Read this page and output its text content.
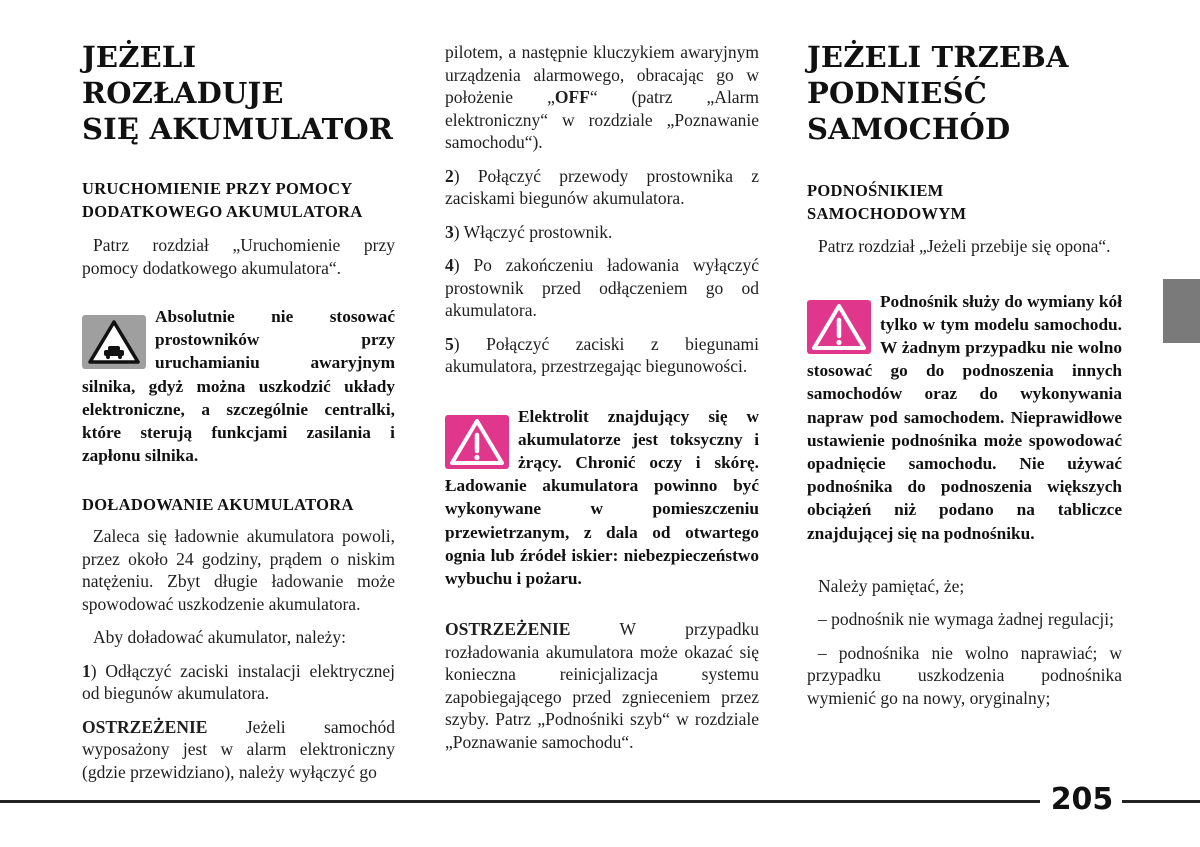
JEŻELI ROZŁADUJE
SIĘ AKUMULATOR
URUCHOMIENIE PRZY POMOCY
DODATKOWEGO AKUMULATORA

Patrz rozdział „Uruchomienie przy pomocy dodatkowego akumulatora“.

Absolutnie nie stosować prostowników przy uruchamianiu awaryjnym silnika, gdyż można uszkodzić układy elektroniczne, a szczególnie centralki, które sterują funkcjami zasilania i zapłonu silnika.

DOŁADOWANIE AKUMULATORA

Zaleca się ładownie akumulatora powoli, przez około 24 godziny, prądem o niskim natężeniu. Zbyt długie ładowanie może spowodować uszkodzenie akumulatora.

Aby doładować akumulator, należy:

1) Odłączyć zaciski instalacji elektrycznej od biegunów akumulatora.

OSTRZEŻENIE Jeżeli samochód wyposażony jest w alarm elektroniczny (gdzie przewidziano), należy wyłączyć go

pilotem, a następnie kluczykiem awaryjnym urządzenia alarmowego, obracając go w położenie „OFF“ (patrz „Alarm elektroniczny“ w rozdziale „Poznawanie samochodu“).

2) Połączyć przewody prostownika z zaciskami biegunów akumulatora.

3) Włączyć prostownik.

4) Po zakończeniu ładowania wyłączyć prostownik przed odłączeniem go od akumulatora.

5) Połączyć zaciski z biegunami akumulatora, przestrzegając biegunowości.

Elektrolit znajdujący się w akumulatorze jest toksyczny i żrący. Chronić oczy i skórę. Ładowanie akumulatora powinno być wykonywane w pomieszczeniu przewietrzanym, z dala od otwartego ognia lub źródeł iskier: niebezpieczeństwo wybuchu i pożaru.

OSTRZEŻENIE W przypadku rozładowania akumulatora może okazać się konieczna reinicjalizacja systemu zapobiegającego przed zgnieceniem przez szyby. Patrz „Podnośniki szyb“ w rozdziale „Poznawanie samochodu“.

JEŻELI TRZEBA
PODNIEŚĆ
SAMOCHÓD
PODNOŚNIKIEM
SAMOCHODOWYM

Patrz rozdział „Jeżeli przebije się opona“.

Podnośnik służy do wymiany kół tylko w tym modelu samochodu. W żadnym przypadku nie wolno stosować go do podnoszenia innych samochodów oraz do wykonywania napraw pod samochodem. Nieprawidłowe ustawienie podnośnika może spowodować opadnięcie samochodu. Nie używać podnośnika do podnoszenia większych obciążeń niż podano na tabliczce znajdującej się na podnośniku.

Należy pamiętać, że;

– podnośnik nie wymaga żadnej regulacji;

– podnośnika nie wolno naprawiać; w przypadku uszkodzenia podnośnika wymienić go na nowy, oryginalny;

205
